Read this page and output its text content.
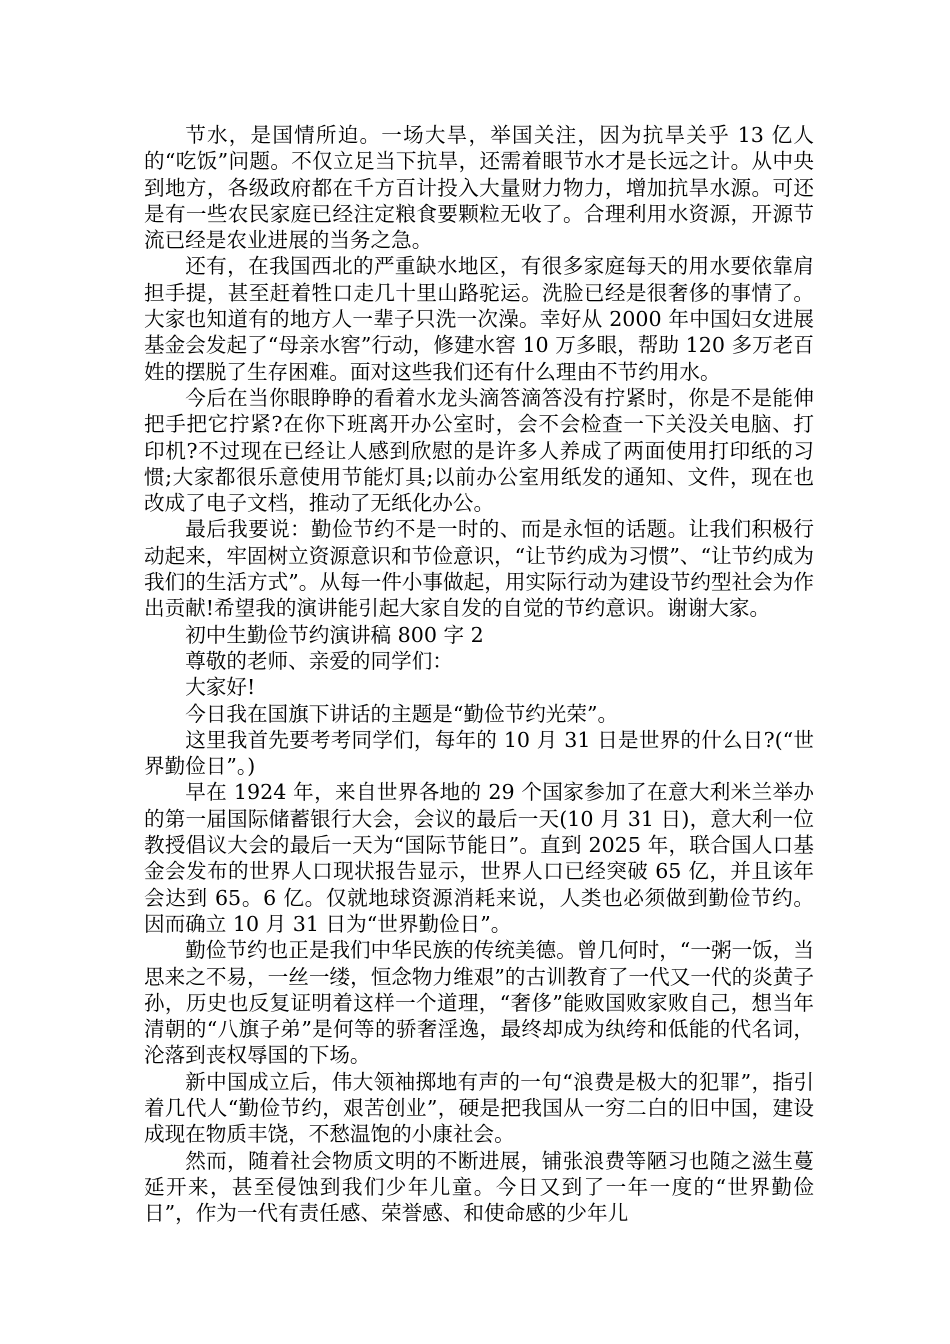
节水，是国情所迫。一场大旱，举国关注，因为抗旱关乎 13 亿人的“吃饭”问题。不仅立足当下抗旱，还需着眼节水才是长远之计。从中央到地方，各级政府都在千方百计投入大量财力物力，增加抗旱水源。可还是有一些农民家庭已经注定粮食要颗粒无收了。合理利用水资源，开源节流已经是农业进展的当务之急。

还有，在我国西北的严重缺水地区，有很多家庭每天的用水要依靠肩担手提，甚至赶着牲口走几十里山路驼运。洗脸已经是很奢侈的事情了。大家也知道有的地方人一辈子只洗一次澡。幸好从 2000 年中国妇女进展基金会发起了“母亲水窖”行动，修建水窖 10 万多眼，帮助 120 多万老百姓的摆脱了生存困难。面对这些我们还有什么理由不节约用水。

今后在当你眼睁睁的看着水龙头滴答滴答没有拧紧时，你是不是能伸把手把它拧紧?在你下班离开办公室时，会不会检查一下关没关电脑、打印机?不过现在已经让人感到欣慰的是许多人养成了两面使用打印纸的习惯;大家都很乐意使用节能灯具;以前办公室用纸发的通知、文件，现在也改成了电子文档，推动了无纸化办公。

最后我要说：勤俭节约不是一时的、而是永恒的话题。让我们积极行动起来，牢固树立资源意识和节俭意识，“让节约成为习惯”、“让节约成为我们的生活方式”。从每一件小事做起，用实际行动为建设节约型社会为作出贡献!希望我的演讲能引起大家自发的自觉的节约意识。谢谢大家。

初中生勤俭节约演讲稿 800 字 2

尊敬的老师、亲爱的同学们：

大家好!

今日我在国旗下讲话的主题是“勤俭节约光荣”。

这里我首先要考考同学们，每年的 10 月 31 日是世界的什么日?(“世界勤俭日”。)

早在 1924 年，来自世界各地的 29 个国家参加了在意大利米兰举办的第一届国际储蓄银行大会，会议的最后一天(10 月 31 日)，意大利一位教授倡议大会的最后一天为“国际节能日”。直到 2025 年，联合国人口基金会发布的世界人口现状报告显示，世界人口已经突破 65 亿，并且该年会达到 65。6 亿。仅就地球资源消耗来说，人类也必须做到勤俭节约。因而确立 10 月 31 日为“世界勤俭日”。

勤俭节约也正是我们中华民族的传统美德。曾几何时，“一粥一饭，当思来之不易，一丝一缕，恒念物力维艰”的古训教育了一代又一代的炎黄子孙，历史也反复证明着这样一个道理，“奢侈”能败国败家败自己，想当年清朝的“八旗子弟”是何等的骄奢淫逸，最终却成为纨绔和低能的代名词，沦落到丧权辱国的下场。

新中国成立后，伟大领袖掷地有声的一句“浪费是极大的犯罪”，指引着几代人“勤俭节约，艰苦创业”，硬是把我国从一穷二白的旧中国，建设成现在物质丰饶，不愁温饱的小康社会。

然而，随着社会物质文明的不断进展，铺张浪费等陋习也随之滋生蔓延开来，甚至侵蚀到我们少年儿童。今日又到了一年一度的“世界勤俭日”，作为一代有责任感、荣誉感、和使命感的少年儿
